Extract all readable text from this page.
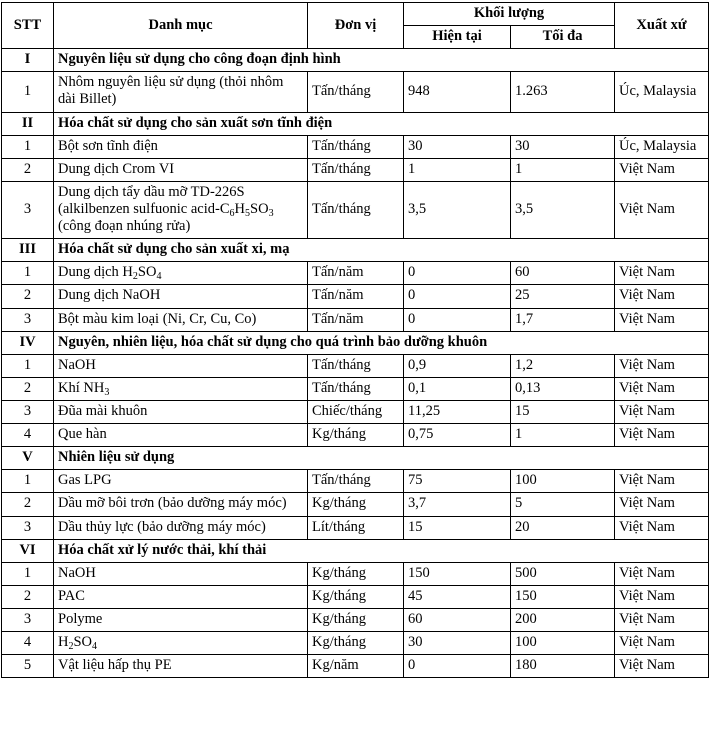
STT	Danh mục	Đơn vị	Khối lượng		Xuất xứ
			Hiện tại	Tối đa	
I	Nguyên liệu sử dụng cho công đoạn định hình				
1	Nhôm nguyên liệu sử dụng (thỏi nhôm dài Billet)	Tấn/tháng	948	1.263	Úc, Malaysia
II	Hóa chất sử dụng cho sản xuất sơn tĩnh điện				
1	Bột sơn tĩnh điện	Tấn/tháng	30	30	Úc, Malaysia
2	Dung dịch Crom VI	Tấn/tháng	1	1	Việt Nam
3	Dung dịch tẩy dầu mỡ TD-226S (alkilbenzen sulfuonic acid-$C_6H_5SO_3$ (công đoạn nhúng rửa)	Tấn/tháng	3,5	3,5	Việt Nam
III	Hóa chất sử dụng cho sản xuất xi, mạ				
1	Dung dịch $H_2SO_4$	Tấn/năm	0	60	Việt Nam
2	Dung dịch NaOH	Tấn/năm	0	25	Việt Nam
3	Bột màu kim loại (Ni, Cr, Cu, Co)	Tấn/năm	0	1,7	Việt Nam
IV	Nguyên, nhiên liệu, hóa chất sử dụng cho quá trình bảo dưỡng khuôn				
1	NaOH	Tấn/tháng	0,9	1,2	Việt Nam
2	Khí $NH_3$	Tấn/tháng	0,1	0,13	Việt Nam
3	Đũa mài khuôn	Chiếc/tháng	11,25	15	Việt Nam
4	Que hàn	Kg/tháng	0,75	1	Việt Nam
V	Nhiên liệu sử dụng				
1	Gas LPG	Tấn/tháng	75	100	Việt Nam
2	Dầu mỡ bôi trơn (bảo dưỡng máy móc)	Kg/tháng	3,7	5	Việt Nam
3	Dầu thủy lực (bảo dưỡng máy móc)	Lít/tháng	15	20	Việt Nam
VI	Hóa chất xử lý nước thải, khí thải				
1	NaOH	Kg/tháng	150	500	Việt Nam
2	PAC	Kg/tháng	45	150	Việt Nam
3	Polyme	Kg/tháng	60	200	Việt Nam
4	$H_2SO_4$	Kg/tháng	30	100	Việt Nam
5	Vật liệu hấp thụ PE	Kg/năm	0	180	Việt Nam
